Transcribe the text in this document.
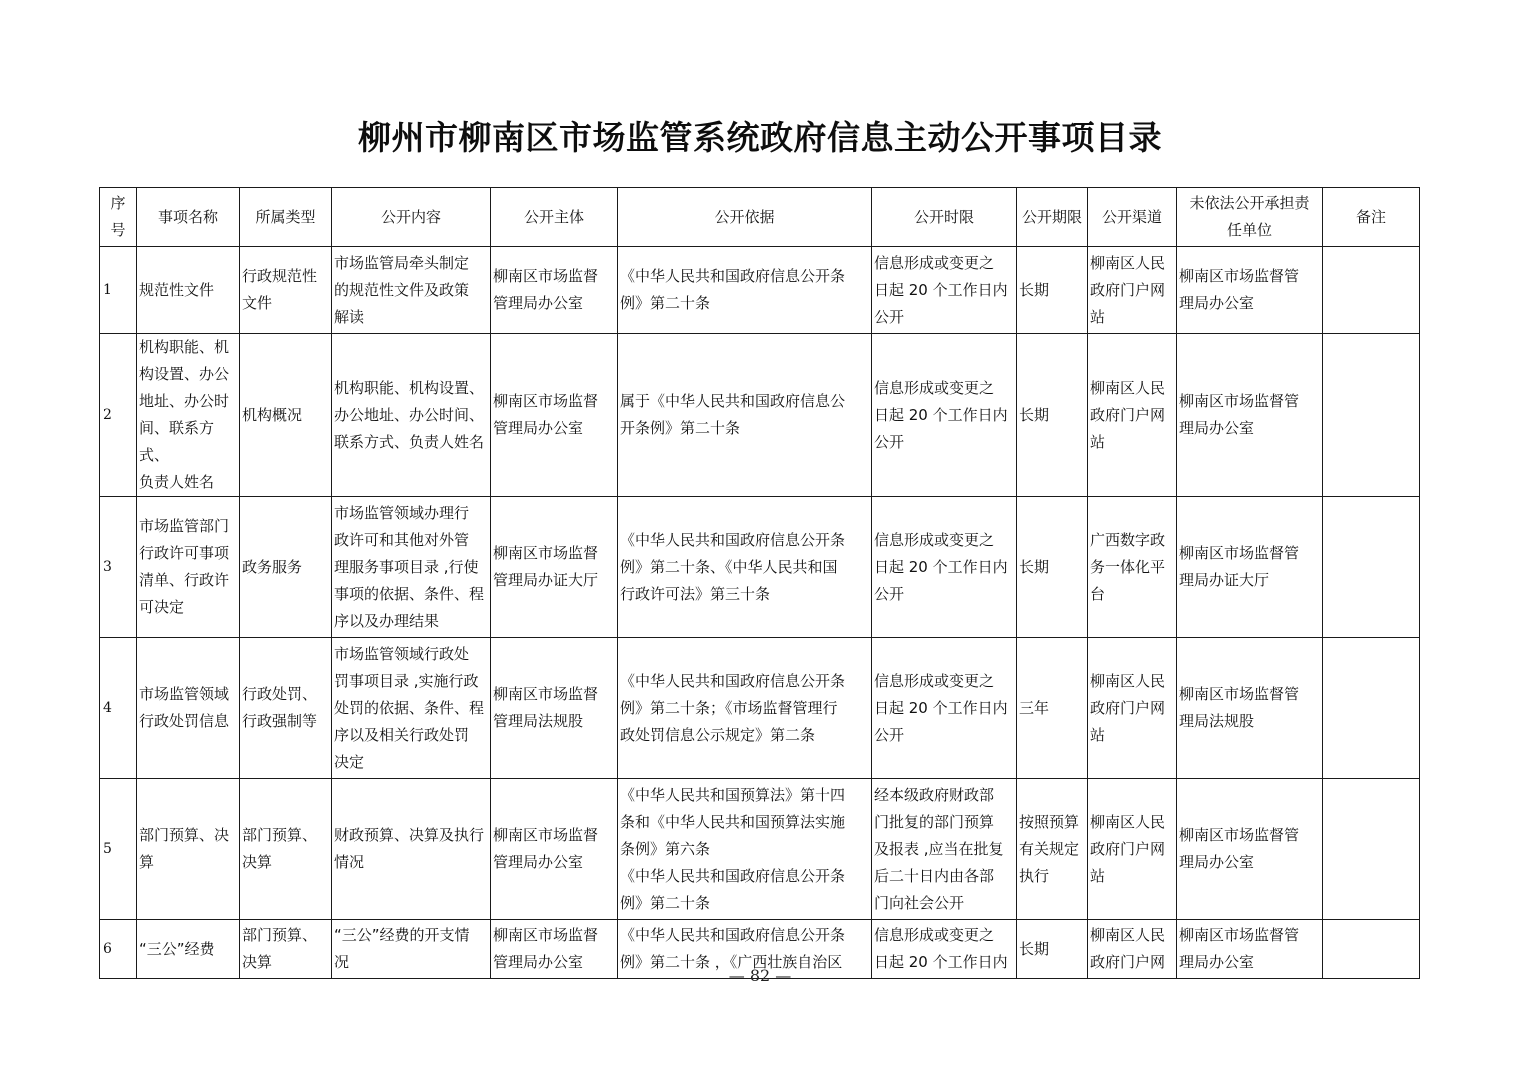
柳州市柳南区市场监管系统政府信息主动公开事项目录
序
号	事项名称	所属类型	公开内容	公开主体	公开依据	公开时限	公开期限	公开渠道	未依法公开承担责
任单位	备注
1	规范性文件	行政规范性
文件	市场监管局牵头制定
的规范性文件及政策
解读	柳南区市场监督
管理局办公室	《中华人民共和国政府信息公开条
例》第二十条	信息形成或变更之
日起 20 个工作日内
公开	长期	柳南区人民
政府门户网
站	柳南区市场监督管
理局办公室	
2	机构职能、机
构设置、办公
地址、办公时
间、联系方式、
负责人姓名	机构概况	机构职能、机构设置、
办公地址、办公时间、
联系方式、负责人姓名	柳南区市场监督
管理局办公室	属于《中华人民共和国政府信息公
开条例》第二十条	信息形成或变更之
日起 20 个工作日内
公开	长期	柳南区人民
政府门户网
站	柳南区市场监督管
理局办公室	
3	市场监管部门
行政许可事项
清单、行政许
可决定	政务服务	市场监管领域办理行
政许可和其他对外管
理服务事项目录 ,行使
事项的依据、条件、程
序以及办理结果	柳南区市场监督
管理局办证大厅	《中华人民共和国政府信息公开条
例》第二十条、《中华人民共和国
行政许可法》第三十条	信息形成或变更之
日起 20 个工作日内
公开	长期	广西数字政
务一体化平
台	柳南区市场监督管
理局办证大厅	
4	市场监管领域
行政处罚信息	行政处罚、
行政强制等	市场监管领域行政处
罚事项目录 ,实施行政
处罚的依据、条件、程
序以及相关行政处罚
决定	柳南区市场监督
管理局法规股	《中华人民共和国政府信息公开条
例》第二十条；《市场监督管理行
政处罚信息公示规定》第二条	信息形成或变更之
日起 20 个工作日内
公开	三年	柳南区人民
政府门户网
站	柳南区市场监督管
理局法规股	
5	部门预算、决
算	部门预算、
决算	财政预算、决算及执行
情况	柳南区市场监督
管理局办公室	《中华人民共和国预算法》第十四
条和《中华人民共和国预算法实施
条例》第六条
《中华人民共和国政府信息公开条
例》第二十条	经本级政府财政部
门批复的部门预算
及报表 ,应当在批复
后二十日内由各部
门向社会公开	按照预算
有关规定
执行	柳南区人民
政府门户网
站	柳南区市场监督管
理局办公室	
6	“三公”经费	部门预算、
决算	“三公”经费的开支情
况	柳南区市场监督
管理局办公室	《中华人民共和国政府信息公开条
例》第二十条 ，《广西壮族自治区	信息形成或变更之
日起 20 个工作日内	长期	柳南区人民
政府门户网	柳南区市场监督管
理局办公室	
— 82 —
